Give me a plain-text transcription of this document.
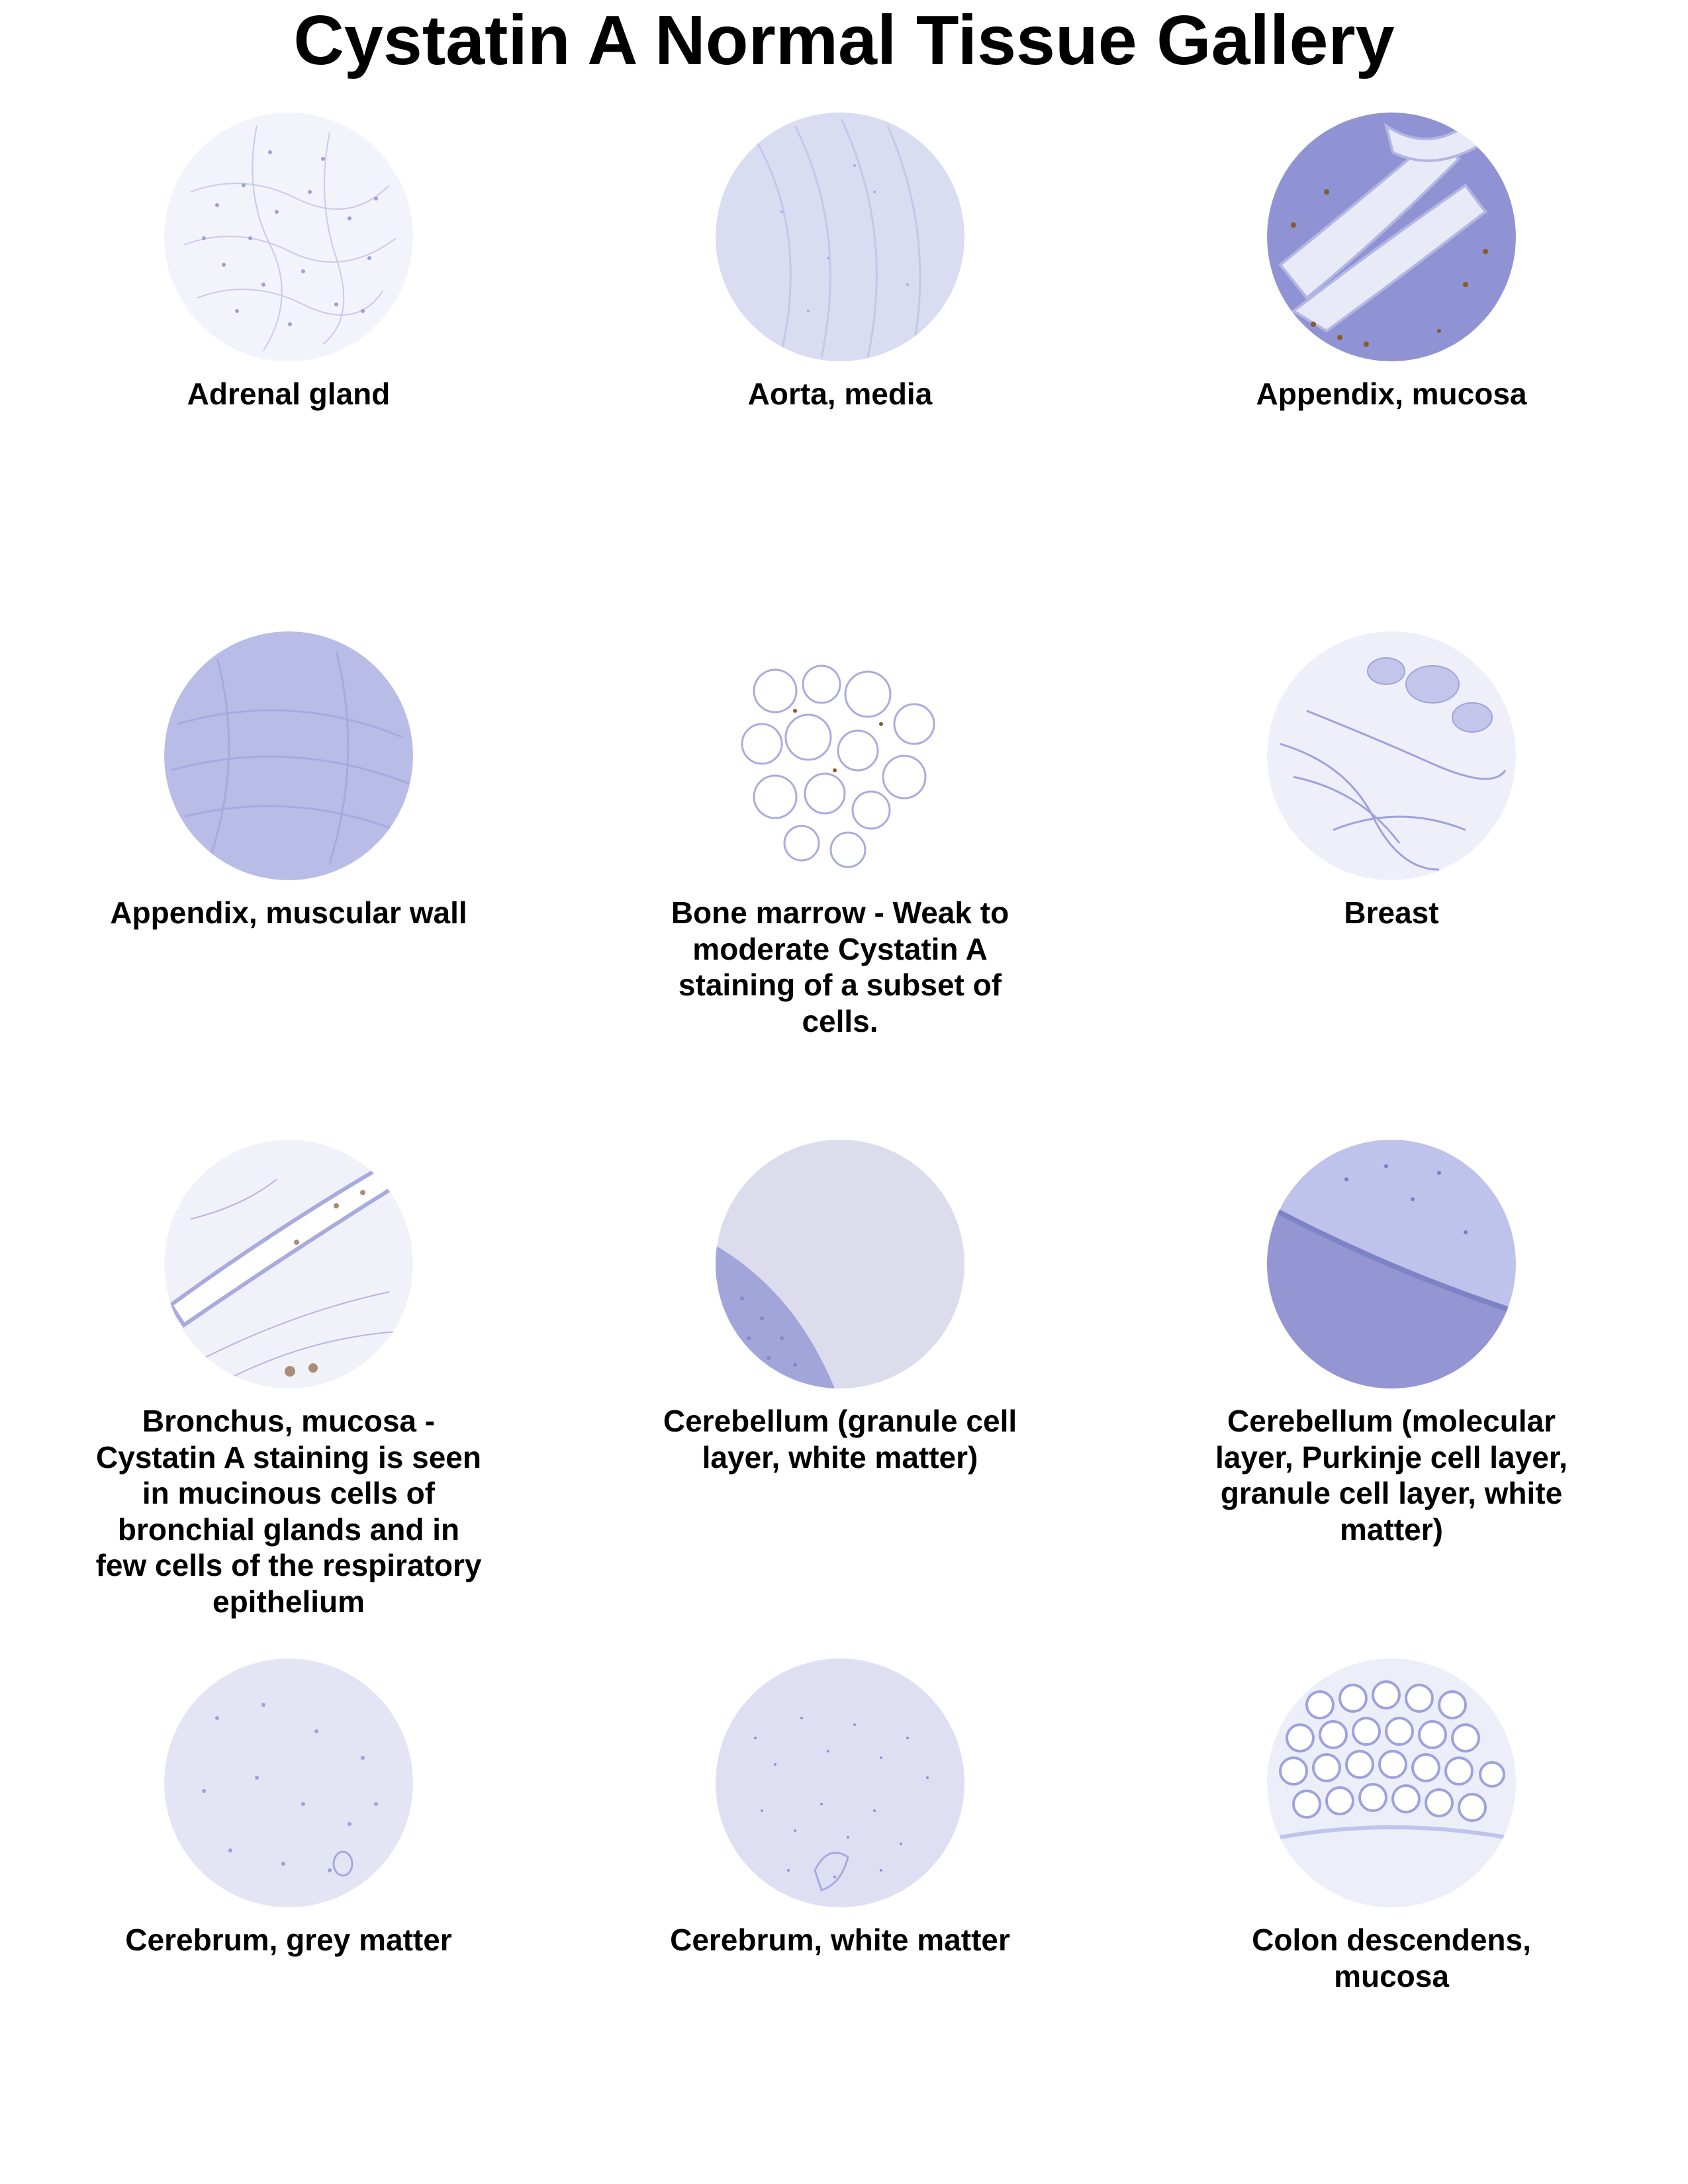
Cystatin A Normal Tissue Gallery
Adrenal gland	Aorta, media	Appendix, mucosa
Appendix, muscular wall	Bone marrow - Weak to moderate Cystatin A staining of a subset of cells.
Breast
Bronchus, mucosa - Cystatin A staining is seen in mucinous cells of bronchial glands and in few cells of the respiratory epithelium
Cerebellum (granule cell layer, white matter)
Cerebellum (molecular layer, Purkinje cell layer, granule cell layer, white matter)
Cerebrum, grey matter	Cerebrum, white matter	Colon descendens, mucosa
